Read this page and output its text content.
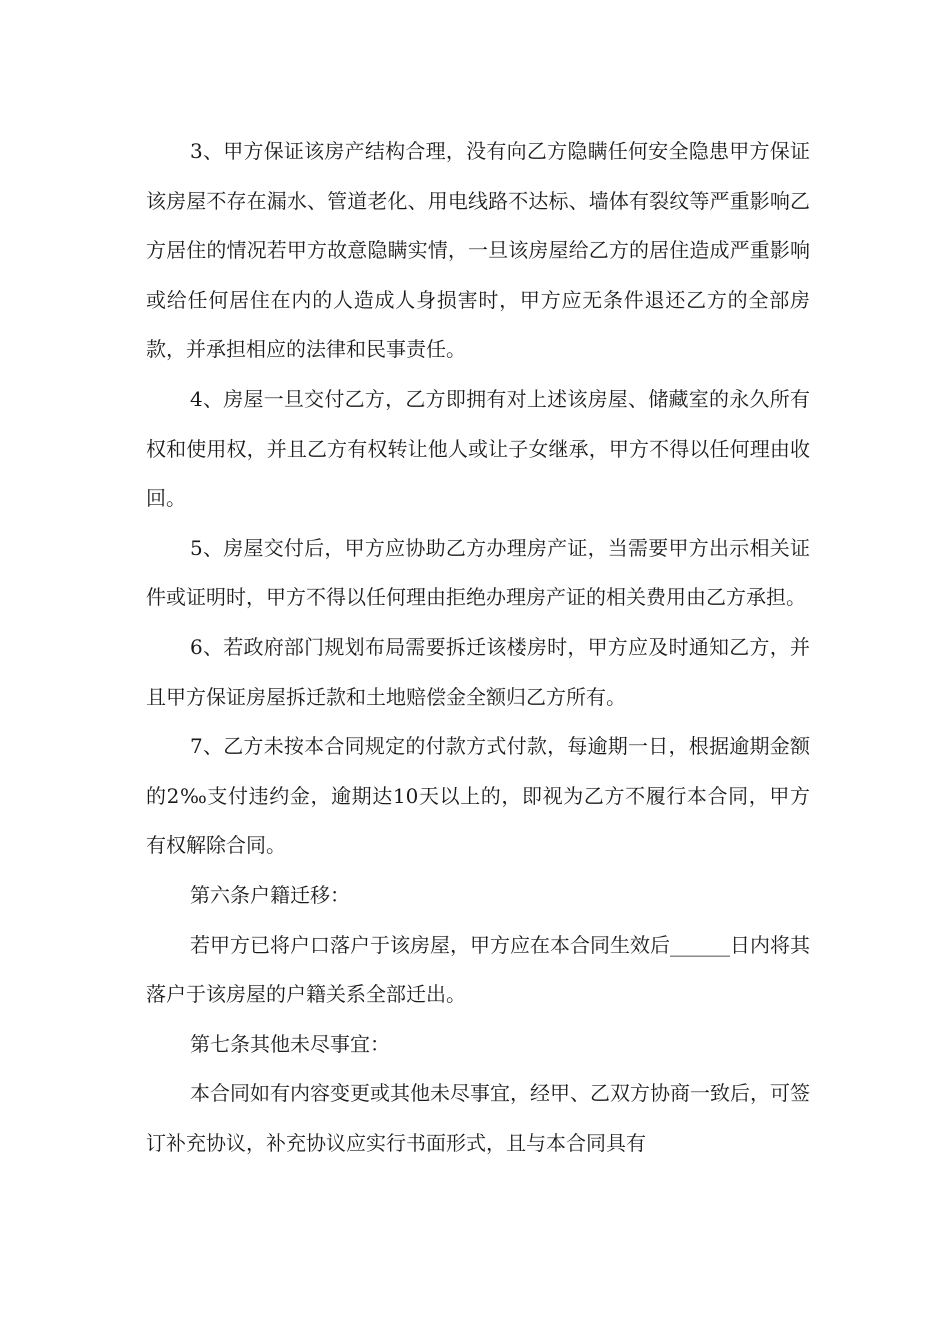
3、甲方保证该房产结构合理，没有向乙方隐瞒任何安全隐患甲方保证该房屋不存在漏水、管道老化、用电线路不达标、墙体有裂纹等严重影响乙方居住的情况若甲方故意隐瞒实情，一旦该房屋给乙方的居住造成严重影响或给任何居住在内的人造成人身损害时，甲方应无条件退还乙方的全部房款，并承担相应的法律和民事责任。

4、房屋一旦交付乙方，乙方即拥有对上述该房屋、储藏室的永久所有权和使用权，并且乙方有权转让他人或让子女继承，甲方不得以任何理由收回。

5、房屋交付后，甲方应协助乙方办理房产证，当需要甲方出示相关证件或证明时，甲方不得以任何理由拒绝办理房产证的相关费用由乙方承担。

6、若政府部门规划布局需要拆迁该楼房时，甲方应及时通知乙方，并且甲方保证房屋拆迁款和土地赔偿金全额归乙方所有。

7、乙方未按本合同规定的付款方式付款，每逾期一日，根据逾期金额的2‰支付违约金，逾期达10天以上的，即视为乙方不履行本合同，甲方有权解除合同。

第六条户籍迁移：

若甲方已将户口落户于该房屋，甲方应在本合同生效后______日内将其落户于该房屋的户籍关系全部迁出。

第七条其他未尽事宜：

本合同如有内容变更或其他未尽事宜，经甲、乙双方协商一致后，可签订补充协议，补充协议应实行书面形式，且与本合同具有
